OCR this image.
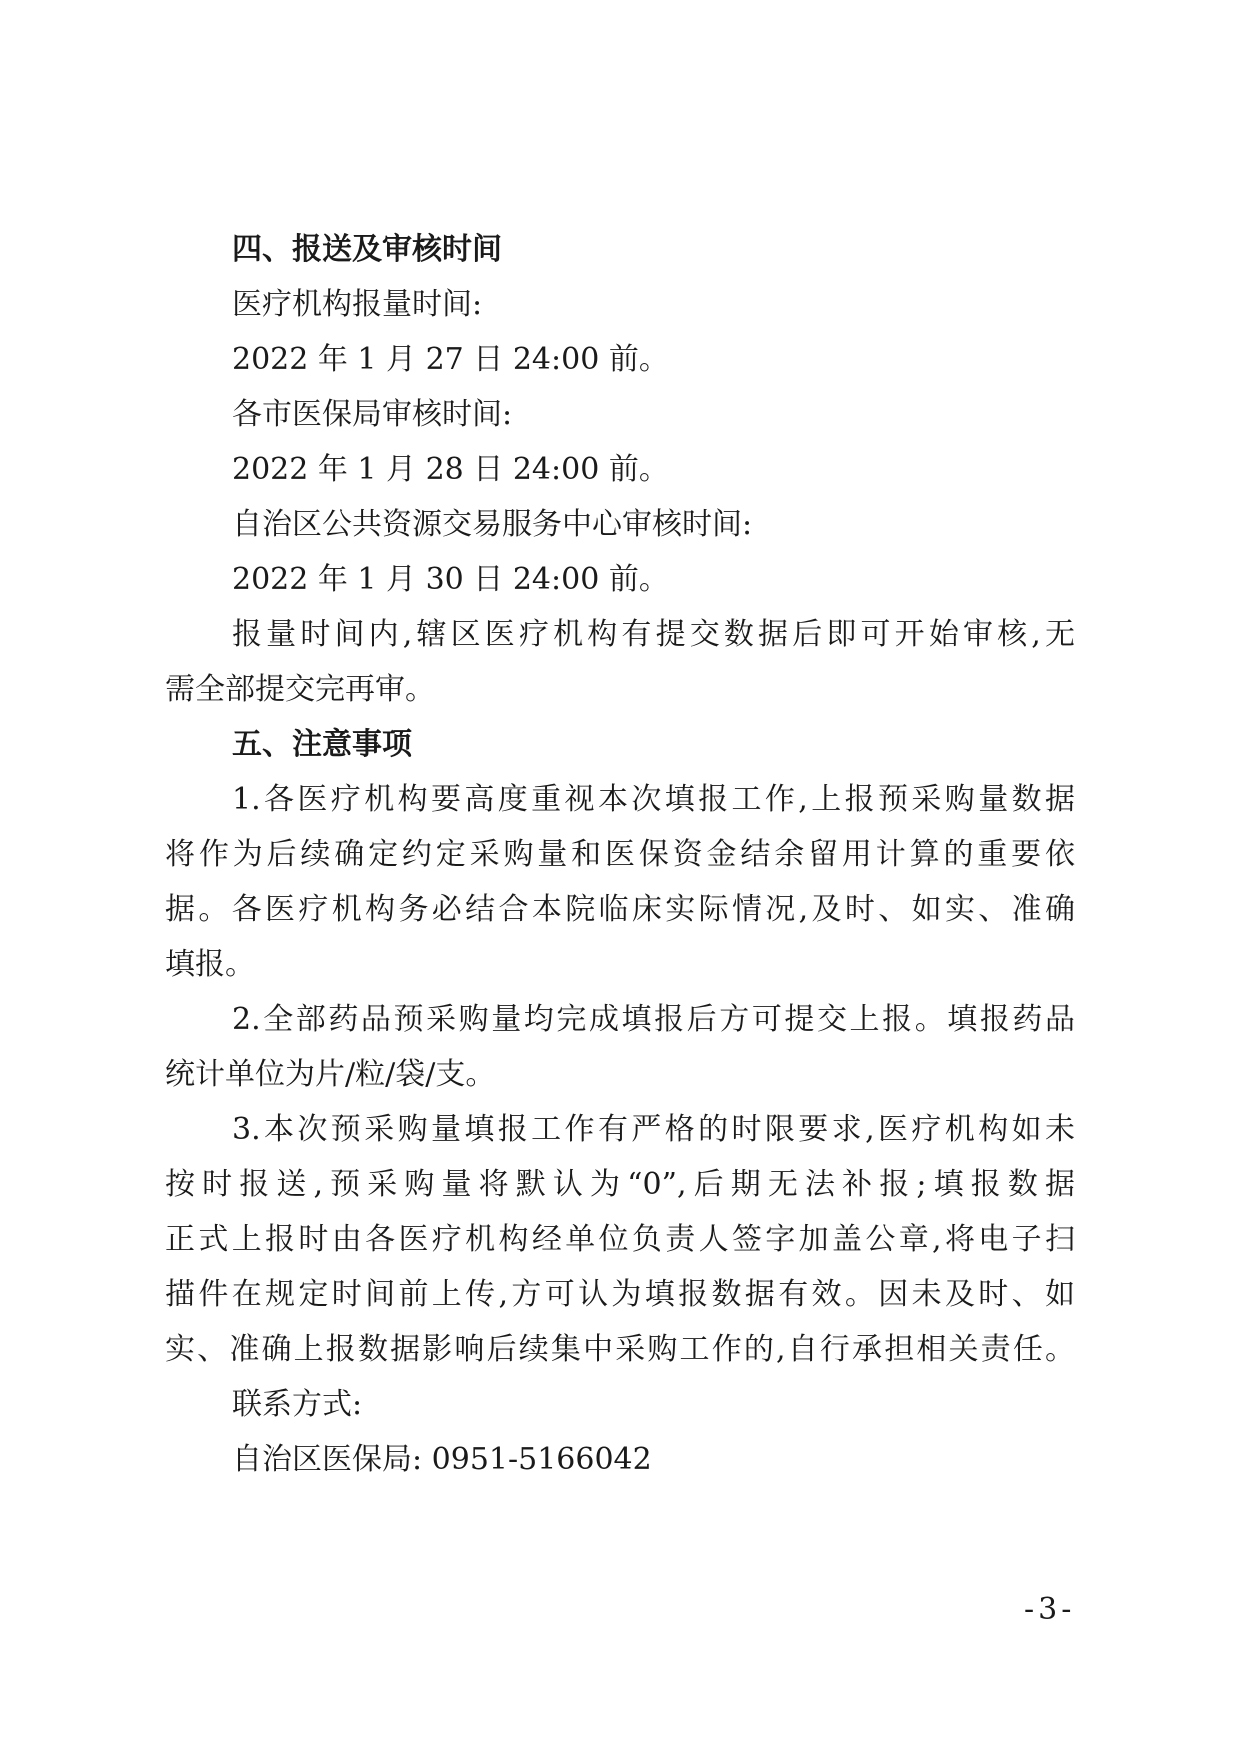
四、报送及审核时间
医疗机构报量时间:
2022 年 1 月 27 日 24:00 前。
各市医保局审核时间:
2022 年 1 月 28 日 24:00 前。
自治区公共资源交易服务中心审核时间:
2022 年 1 月 30 日 24:00 前。
报量时间内,辖区医疗机构有提交数据后即可开始审核,无
需全部提交完再审。
五、注意事项
1.各医疗机构要高度重视本次填报工作,上报预采购量数据
将作为后续确定约定采购量和医保资金结余留用计算的重要依
据。各医疗机构务必结合本院临床实际情况,及时、如实、准确
填报。
2.全部药品预采购量均完成填报后方可提交上报。填报药品
统计单位为片/粒/袋/支。
3.本次预采购量填报工作有严格的时限要求,医疗机构如未
按时报送,预采购量将默认为“0”,后期无法补报;填报数据
正式上报时由各医疗机构经单位负责人签字加盖公章,将电子扫
描件在规定时间前上传,方可认为填报数据有效。因未及时、如
实、准确上报数据影响后续集中采购工作的,自行承担相关责任。
联系方式:
自治区医保局: 0951-5166042
-3-
